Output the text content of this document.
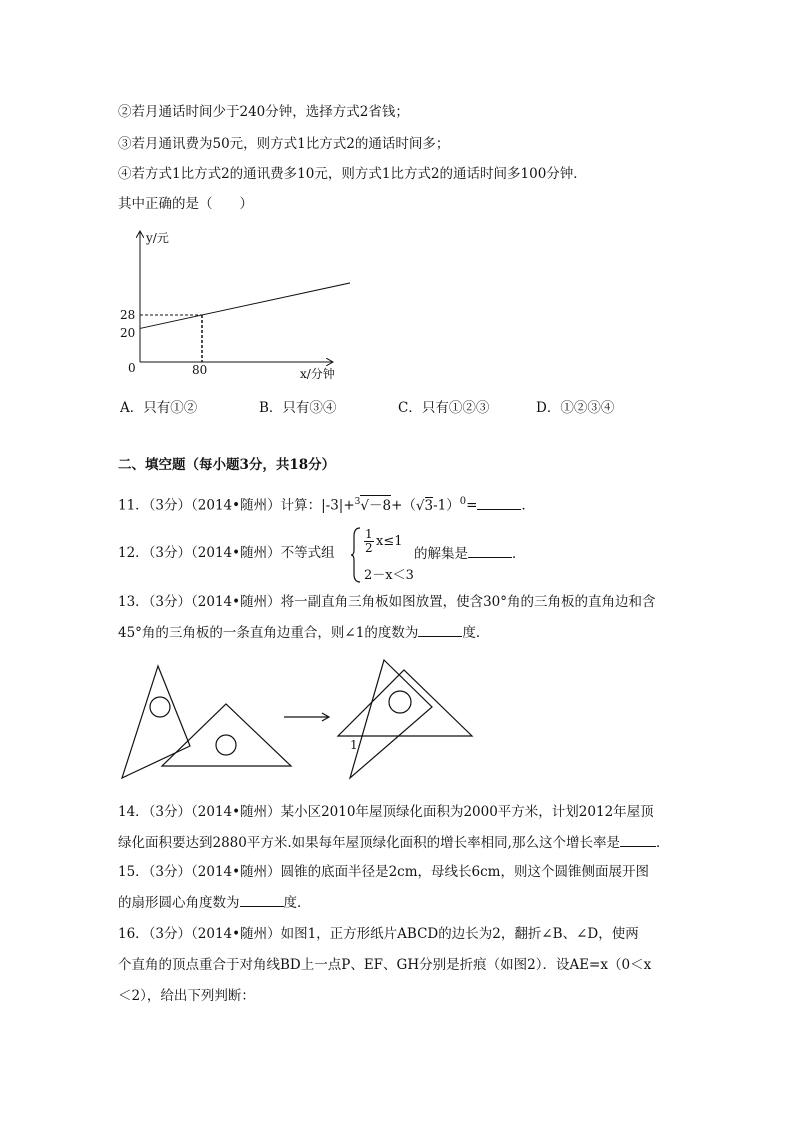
②若月通话时间少于240分钟，选择方式2省钱；
③若月通讯费为50元，则方式1比方式2的通话时间多；
④若方式1比方式2的通讯费多10元，则方式1比方式2的通话时间多100分钟．
其中正确的是（　　）
y/元
x/分钟
0
20
28
80
A．只有①②	B．只有③④	C．只有①②③	D．①②③④
二、填空题（每小题3分，共18分）
11．（3分）（2014•随州）计算：$|-3|+^3√-8+(√3-1)^0=$	．
12．（3分）（2014•随州）不等式组 $\frac{1}{2} x\le 1$
2－x＜3
的解集是	．
13．（3分）（2014•随州）将一副直角三角板如图放置，使含30°角的三角板的直角边和含
45°角的三角板的一条直角边重合，则∠1的度数为	度．
1
14．（3分）（2014•随州）某小区2010年屋顶绿化面积为2000平方米，计划2012年屋顶
绿化面积要达到2880平方米.如果每年屋顶绿化面积的增长率相同,那么这个增长率是	．
15．（3分）（2014•随州）圆锥的底面半径是2cm，母线长6cm，则这个圆锥侧面展开图
的扇形圆心角度数为	度．
16．（3分）（2014•随州）如图1，正方形纸片ABCD的边长为2，翻折∠B、∠D，使两
个直角的顶点重合于对角线BD上一点P、EF、GH分别是折痕（如图2）．设AE=x（0＜x
＜2），给出下列判断：
